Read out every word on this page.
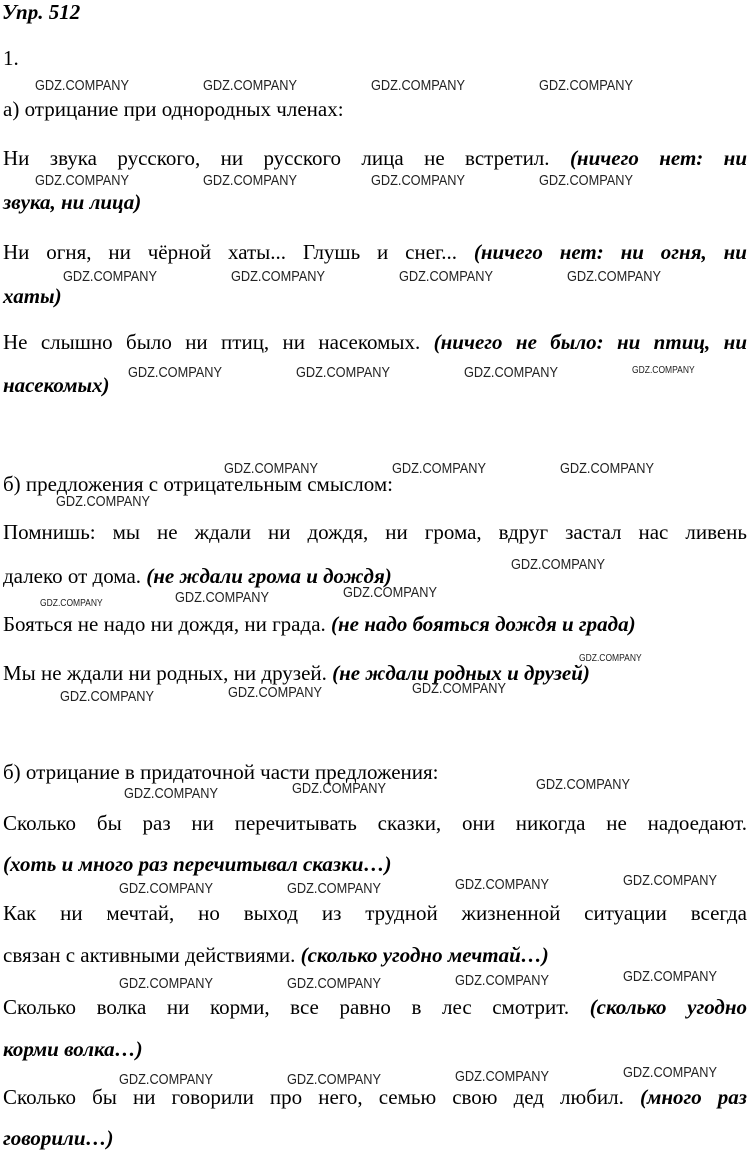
Упр. 512
1.
а) отрицание при однородных членах:
Ни звука русского, ни русского лица не встретил. (ничего нет: ни
звука, ни лица)
Ни огня, ни чёрной хаты... Глушь и снег... (ничего нет: ни огня, ни
хаты)
Не слышно было ни птиц, ни насекомых. (ничего не было: ни птиц, ни
насекомых)
б) предложения с отрицательным смыслом:
Помнишь: мы не ждали ни дождя, ни грома, вдруг застал нас ливень
далеко от дома. (не ждали грома и дождя)
Бояться не надо ни дождя, ни града. (не надо бояться дождя и града)
Мы не ждали ни родных, ни друзей. (не ждали родных и друзей)
б) отрицание в придаточной части предложения:
Сколько бы раз ни перечитывать сказки, они никогда не надоедают.
(хоть и много раз перечитывал сказки…)
Как ни мечтай, но выход из трудной жизненной ситуации всегда
связан с активными действиями. (сколько угодно мечтай…)
Сколько волка ни корми, все равно в лес смотрит. (сколько угодно
корми волка…)
Сколько бы ни говорили про него, семью свою дед любил. (много раз
говорили…)
GDZ.COMPANY	GDZ.COMPANY	GDZ.COMPANY	GDZ.COMPANY
GDZ.COMPANY	GDZ.COMPANY	GDZ.COMPANY	GDZ.COMPANY
GDZ.COMPANY	GDZ.COMPANY	GDZ.COMPANY	GDZ.COMPANY
GDZ.COMPANY	GDZ.COMPANY	GDZ.COMPANY	GDZ.COMPANY
GDZ.COMPANY	GDZ.COMPANY	GDZ.COMPANY
GDZ.COMPANY
GDZ.COMPANY
GDZ.COMPANY	GDZ.COMPANY	GDZ.COMPANY
GDZ.COMPANY
GDZ.COMPANY	GDZ.COMPANY	GDZ.COMPANY
GDZ.COMPANY	GDZ.COMPANY	GDZ.COMPANY
GDZ.COMPANY	GDZ.COMPANY	GDZ.COMPANY	GDZ.COMPANY
GDZ.COMPANY	GDZ.COMPANY	GDZ.COMPANY	GDZ.COMPANY
GDZ.COMPANY	GDZ.COMPANY	GDZ.COMPANY	GDZ.COMPANY
